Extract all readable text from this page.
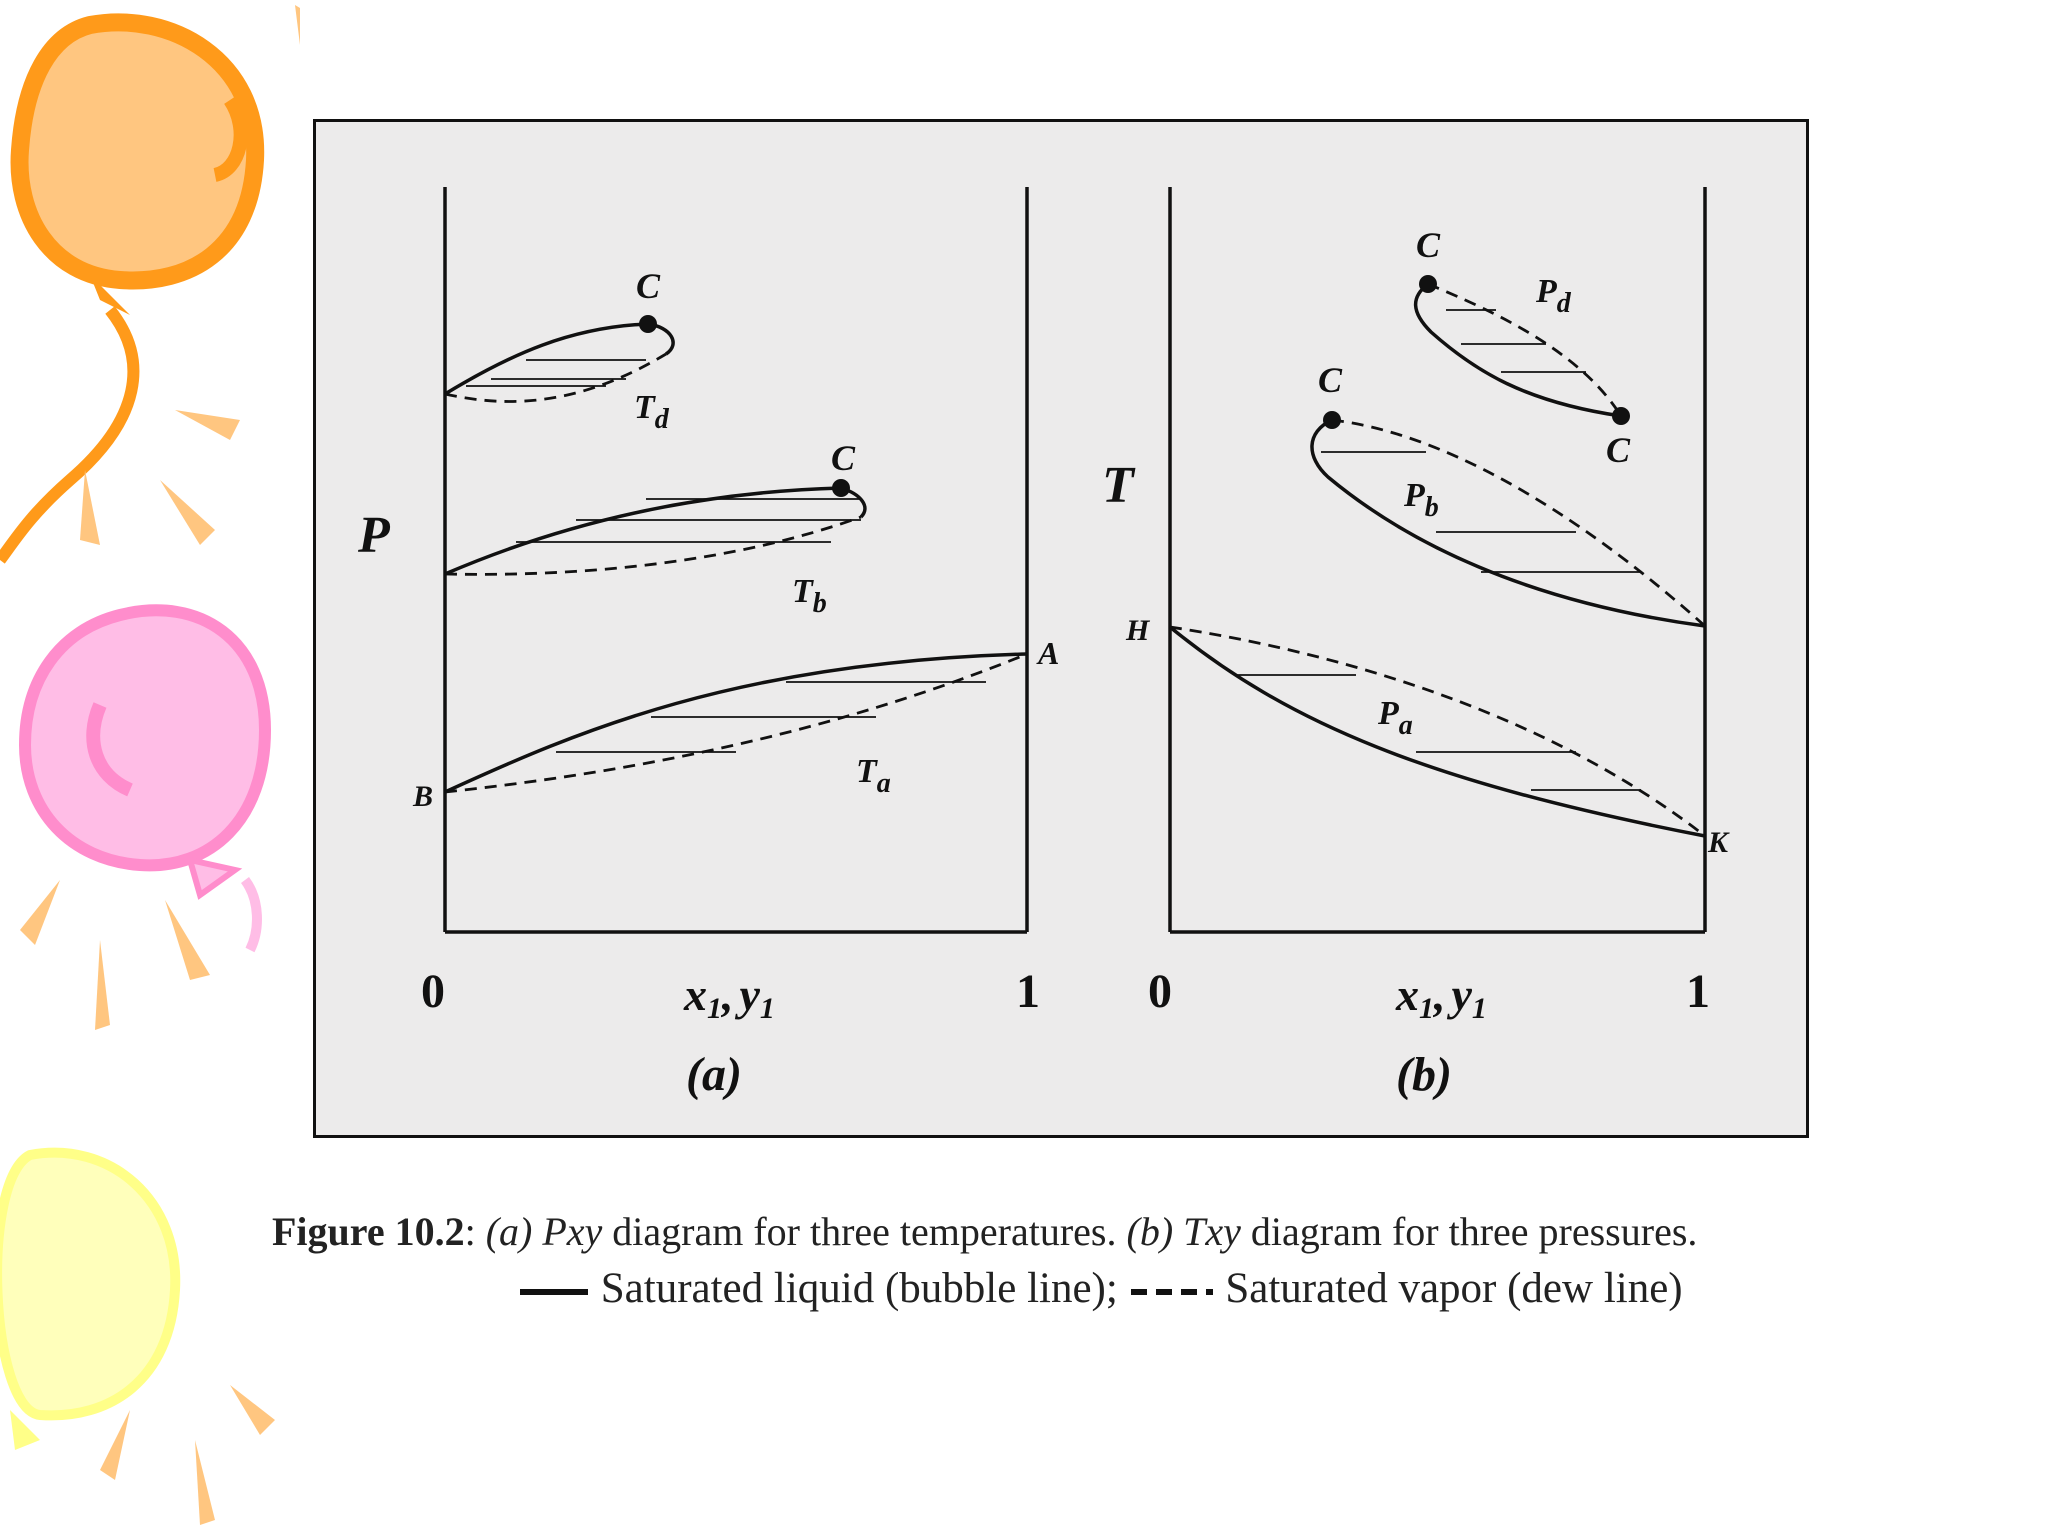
P
C
C
A
B
$T_d$
$T_b$
$T_a$
0	1
x1, y1
(a)
T
C
C
C
H
K
$P_d$
$P_b$
$P_a$
0	1
x1, y1
(b)
Figure 10.2: (a) Pxy diagram for three temperatures. (b) Txy diagram for three pressures.
Saturated liquid (bubble line);	Saturated vapor (dew line)
